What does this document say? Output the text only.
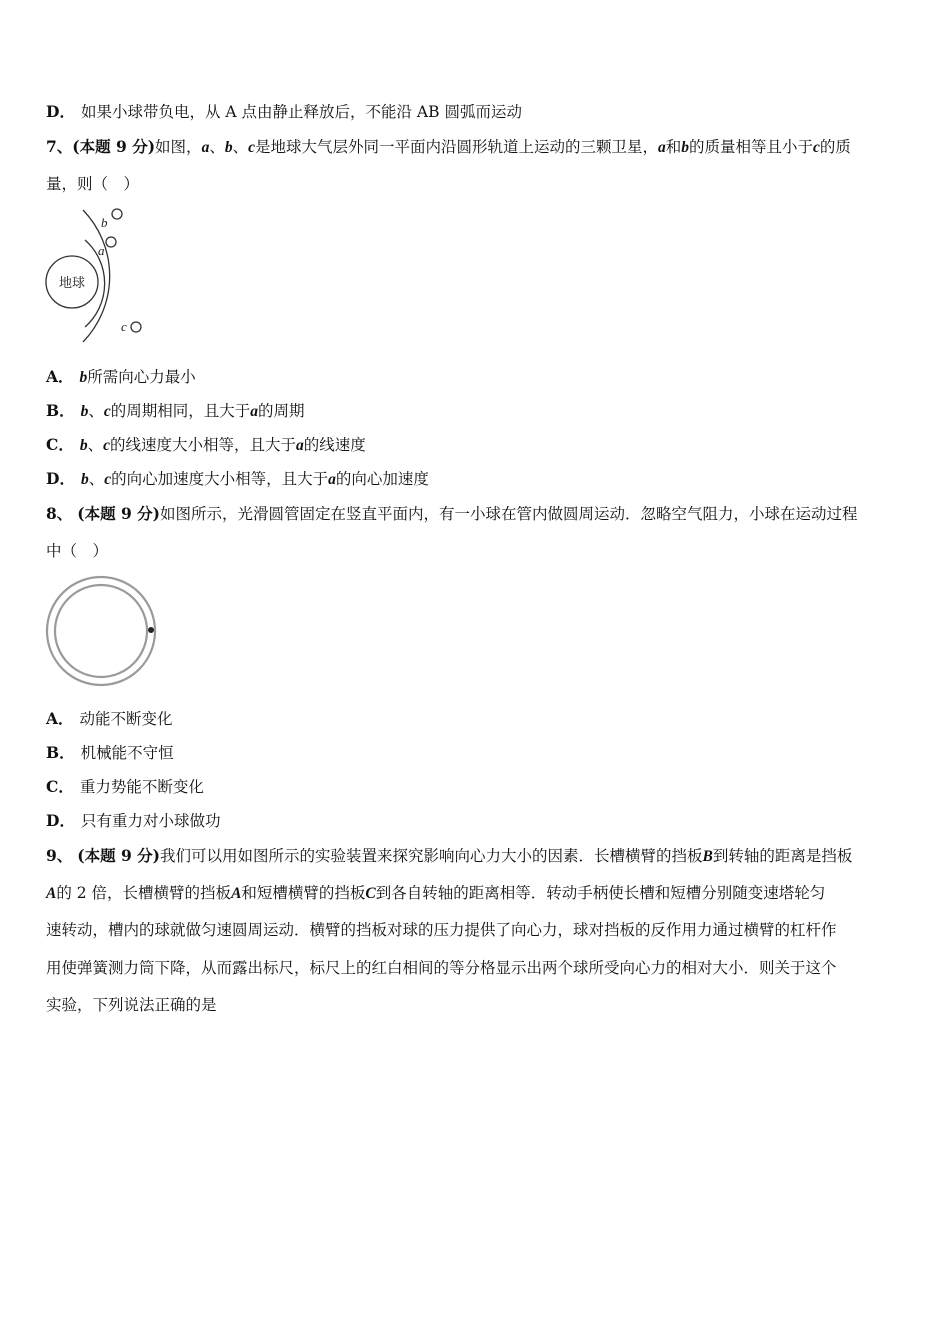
D． 如果小球带负电，从 A 点由静止释放后，不能沿 AB 圆弧而运动
7、(本题 9 分)如图，a、b、c是地球大气层外同一平面内沿圆形轨道上运动的三颗卫星，a和b的质量相等且小于c的质
量，则（　）
地球
a
b
c
A． b所需向心力最小
B． b、c的周期相同，且大于a的周期
C． b、c的线速度大小相等，且大于a的线速度
D． b、c的向心加速度大小相等，且大于a的向心加速度
8、 (本题 9 分)如图所示，光滑圆管固定在竖直平面内，有一小球在管内做圆周运动．忽略空气阻力，小球在运动过程
中（　）
A． 动能不断变化
B． 机械能不守恒
C． 重力势能不断变化
D． 只有重力对小球做功
9、 (本题 9 分)我们可以用如图所示的实验装置来探究影响向心力大小的因素．长槽横臂的挡板B到转轴的距离是挡板
A的 2 倍，长槽横臂的挡板A和短槽横臂的挡板C到各自转轴的距离相等．转动手柄使长槽和短槽分别随变速塔轮匀
速转动，槽内的球就做匀速圆周运动．横臂的挡板对球的压力提供了向心力，球对挡板的反作用力通过横臂的杠杆作
用使弹簧测力筒下降，从而露出标尺，标尺上的红白相间的等分格显示出两个球所受向心力的相对大小．则关于这个
实验，下列说法正确的是
